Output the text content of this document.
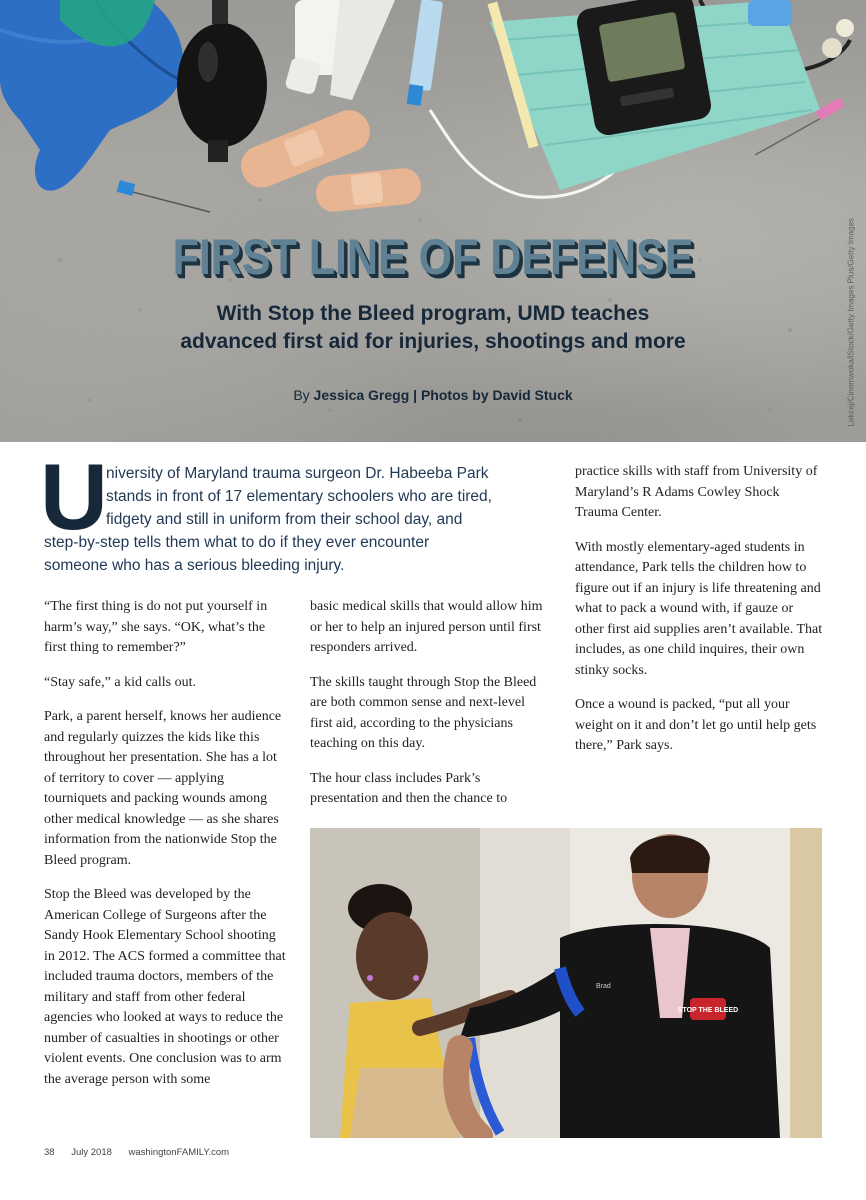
FIRST LINE OF DEFENSE
With Stop the Bleed program, UMD teaches
advanced first aid for injuries, shootings and more
By Jessica Gregg | Photos by David Stuck	Lekcej/Cinemwoka/iStock/Getty Images Plus/Getty Images
U
niversity of Maryland trauma surgeon Dr. Habeeba Park
stands in front of 17 elementary schoolers who are tired,
fidgety and still in uniform from their school day, and
step-by-step tells them what to do if they ever encounter
someone who has a serious bleeding injury.

“The first thing is do not put yourself in harm’s way,” she says. “OK, what’s the first thing to remember?”

“Stay safe,” a kid calls out.

Park, a parent herself, knows her audience and regularly quizzes the kids like this throughout her presentation. She has a lot of territory to cover — applying tourniquets and packing wounds among other medical knowledge — as she shares information from the nationwide Stop the Bleed program.

Stop the Bleed was developed by the American College of Surgeons after the Sandy Hook Elementary School shooting in 2012. The ACS formed a committee that included trauma doctors, members of the military and staff from other federal agencies who looked at ways to reduce the number of casualties in shootings or other violent events. One conclusion was to arm the average person with some

basic medical skills that would allow him or her to help an injured person until first responders arrived.

The skills taught through Stop the Bleed are both common sense and next-level first aid, according to the physicians teaching on this day.

The hour class includes Park’s presentation and then the chance to

practice skills with staff from University of Maryland’s R Adams Cowley Shock Trauma Center.

With mostly elementary-aged students in attendance, Park tells the children how to figure out if an injury is life threatening and what to pack a wound with, if gauze or other first aid supplies aren’t available. That includes, as one child inquires, their own stinky socks.

Once a wound is packed, “put all your weight on it and don’t let go until help gets there,” Park says.

STOP THE BLEED
Brad
38 July 2018 washingtonFAMILY.com
